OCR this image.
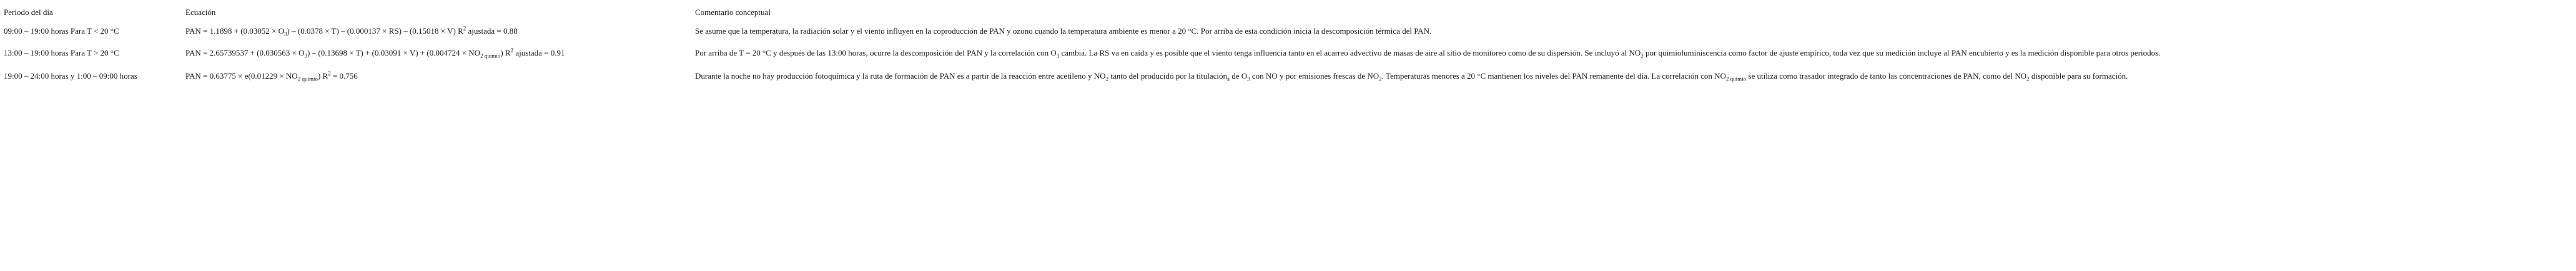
Periodo del día	Ecuación	Comentario conceptual
09:00 – 19:00 horas Para T < 20 °C	PAN = $1.1898 + (0.03052 \times O_3) - (0.0378 \times T) - (0.000137 \times RS) - (0.15018 \times V)$ $R^2$ ajustada = 0.88	Se asume que la temperatura, la radiación solar y el viento influyen en la coproducción de PAN y ozono cuando la temperatura ambiente es menor a 20 °C. Por arriba de esta condición inicia la descomposición térmica del PAN.
13:00 – 19:00 horas Para T > 20 °C	PAN = $2.65739537 + (0.030563 \times O_3) - (0.13698 \times T) + (0.03091 \times V) + (0.004724 \times NO_{2 quimio})$ $R^2$ ajustada = 0.91	Por arriba de T = 20 °C y después de las 13:00 horas, ocurre la descomposición del PAN y la correlación con $O_3$ cambia. La RS va en caída y es posible que el viento tenga influencia tanto en el acarreo advectivo de masas de aire al sitio de monitoreo como de su dispersión. Se incluyó al $NO_2$ por quimioluminiscencia como factor de ajuste empírico, toda vez que su medición incluye al PAN encubierto y es la medición disponible para otros periodos.
19:00 – 24:00 horas y 1:00 – 09:00 horas	PAN = $0.63775 \times e(0.01229 \times NO_{2 quimio})$ $R^2 = 0.756$	Durante la noche no hay producción fotoquímica y la ruta de formación de PAN es a partir de la reacción entre acetileno y $NO_2$ tanto del producido por la titulación$_a$ de $O_3$ con NO y por emisiones frescas de $NO_2$. Temperaturas menores a 20 °C mantienen los niveles del PAN remanente del día. La correlación con $NO_{2 quimio}$ se utiliza como trasador integrado de tanto las concentraciones de PAN, como del $NO_2$ disponible para su formación.
